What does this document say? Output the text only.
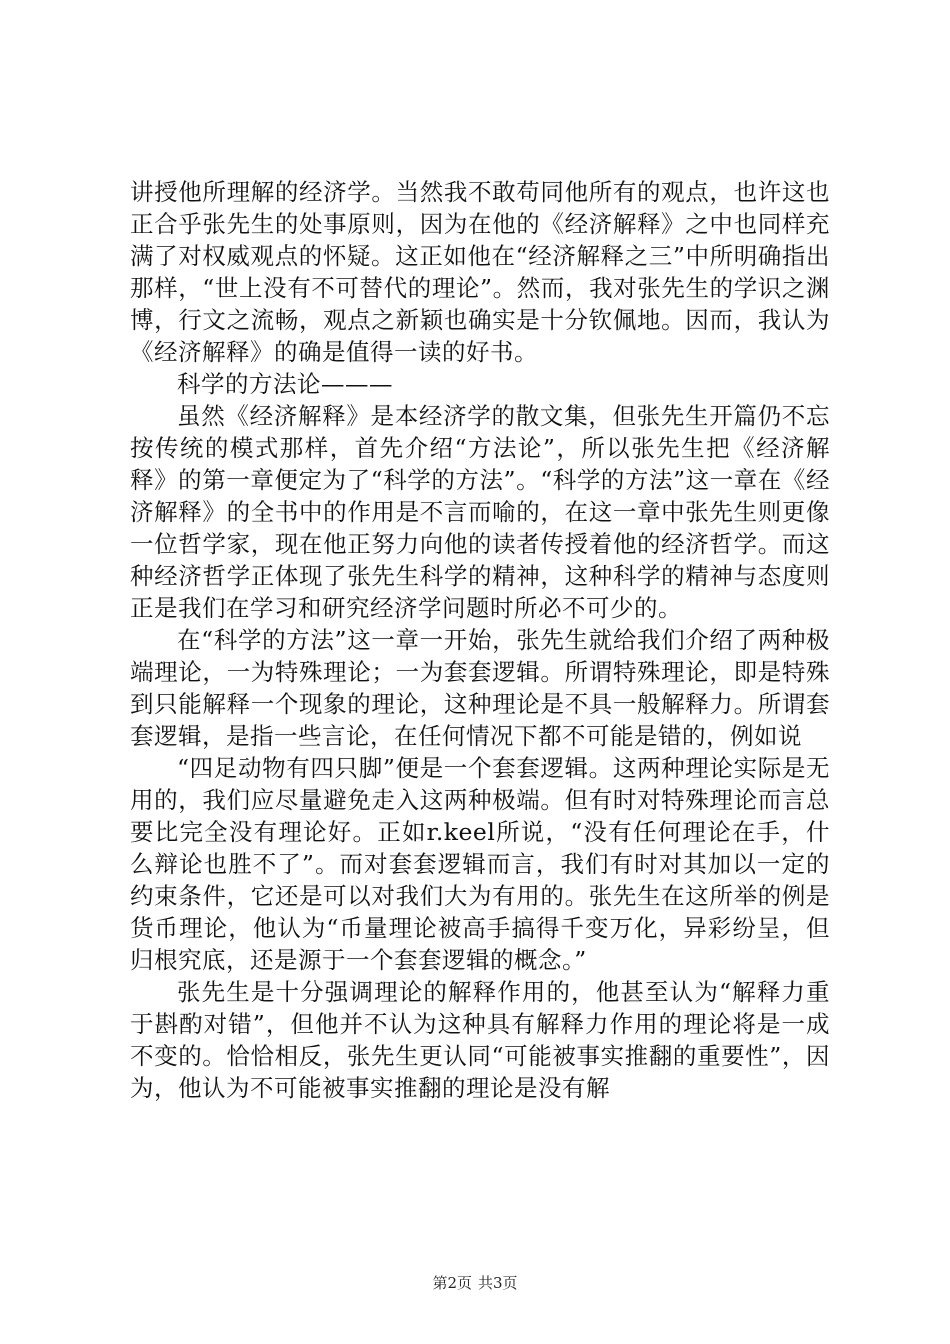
讲授他所理解的经济学。当然我不敢苟同他所有的观点，也许这也正合乎张先生的处事原则，因为在他的《经济解释》之中也同样充满了对权威观点的怀疑。这正如他在“经济解释之三”中所明确指出那样，“世上没有不可替代的理论”。然而，我对张先生的学识之渊博，行文之流畅，观点之新颖也确实是十分钦佩地。因而，我认为《经济解释》的确是值得一读的好书。

科学的方法论———

虽然《经济解释》是本经济学的散文集，但张先生开篇仍不忘按传统的模式那样，首先介绍“方法论”，所以张先生把《经济解释》的第一章便定为了“科学的方法”。“科学的方法”这一章在《经济解释》的全书中的作用是不言而喻的，在这一章中张先生则更像一位哲学家，现在他正努力向他的读者传授着他的经济哲学。而这种经济哲学正体现了张先生科学的精神，这种科学的精神与态度则正是我们在学习和研究经济学问题时所必不可少的。

在“科学的方法”这一章一开始，张先生就给我们介绍了两种极端理论，一为特殊理论；一为套套逻辑。所谓特殊理论，即是特殊到只能解释一个现象的理论，这种理论是不具一般解释力。所谓套套逻辑，是指一些言论，在任何情况下都不可能是错的，例如说

“四足动物有四只脚”便是一个套套逻辑。这两种理论实际是无用的，我们应尽量避免走入这两种极端。但有时对特殊理论而言总要比完全没有理论好。正如r.keel所说，“没有任何理论在手，什么辩论也胜不了”。而对套套逻辑而言，我们有时对其加以一定的约束条件，它还是可以对我们大为有用的。张先生在这所举的例是货币理论，他认为“币量理论被高手搞得千变万化，异彩纷呈，但归根究底，还是源于一个套套逻辑的概念。”

张先生是十分强调理论的解释作用的，他甚至认为“解释力重于斟酌对错”，但他并不认为这种具有解释力作用的理论将是一成不变的。恰恰相反，张先生更认同“可能被事实推翻的重要性”，因为，他认为不可能被事实推翻的理论是没有解

第2页 共3页
